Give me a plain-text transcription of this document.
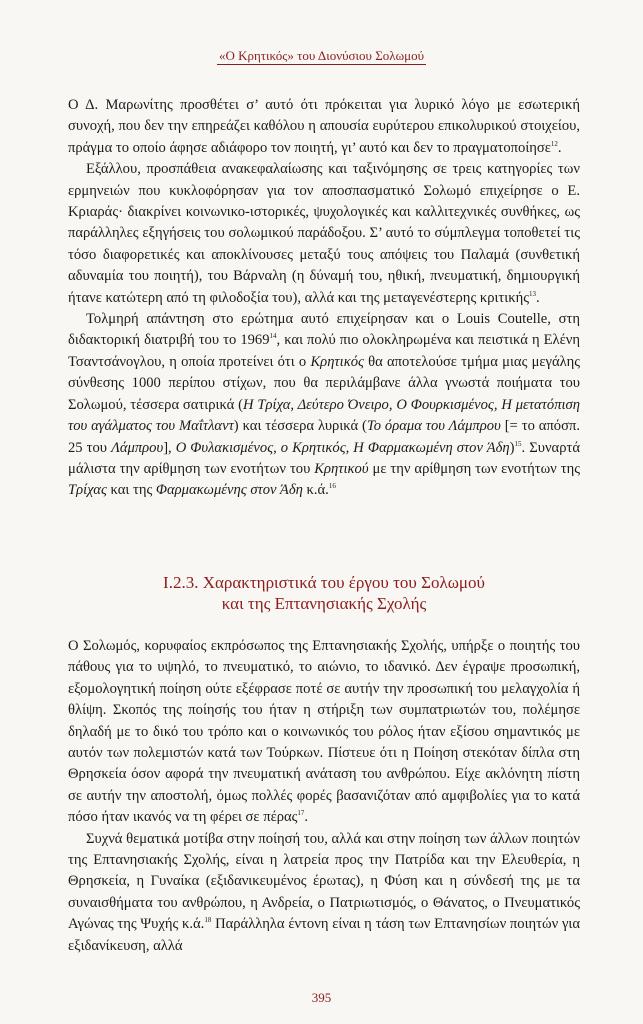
«Ο Κρητικός» του Διονύσιου Σολωμού

Ο Δ. Μαρωνίτης προσθέτει σ’ αυτό ότι πρόκειται για λυρικό λόγο με εσωτερική συνοχή, που δεν την επηρεάζει καθόλου η απουσία ευρύτερου επικολυρικού στοιχείου, πράγμα το οποίο άφησε αδιάφορο τον ποιητή, γι’ αυτό και δεν το πραγματοποίησε$^{12}$.

Εξάλλου, προσπάθεια ανακεφαλαίωσης και ταξινόμησης σε τρεις κατηγορίες των ερμηνειών που κυκλοφόρησαν για τον αποσπασματικό Σολωμό επιχείρησε ο Ε. Κριαράς· διακρίνει κοινωνικο-ιστορικές, ψυχολογικές και καλλιτεχνικές συνθήκες, ως παράλληλες εξηγήσεις του σολωμικού παράδοξου. Σ’ αυτό το σύμπλεγμα τοποθετεί τις τόσο διαφορετικές και αποκλίνουσες μεταξύ τους απόψεις του Παλαμά (συνθετική αδυναμία του ποιητή), του Βάρναλη (η δύναμή του, ηθική, πνευματική, δημιουργική ήτανε κατώτερη από τη φιλοδοξία του), αλλά και της μεταγενέστερης κριτικής$^{13}$.

Τολμηρή απάντηση στο ερώτημα αυτό επιχείρησαν και ο Louis Coutelle, στη διδακτορική διατριβή του το 1969$^{14}$, και πολύ πιο ολοκληρωμένα και πειστικά η Ελένη Τσαντσάνογλου, η οποία προτείνει ότι ο Κρητικός θα αποτελούσε τμήμα μιας μεγάλης σύνθεσης 1000 περίπου στίχων, που θα περιλάμβανε άλλα γνωστά ποιήματα του Σολωμού, τέσσερα σατιρικά (Η Τρίχα, Δεύτερο Όνειρο, Ο Φουρκισμένος, Η μετατόπιση του αγάλματος του Μαΐτλαντ) και τέσσερα λυρικά (Το όραμα του Λάμπρου [= το απόσπ. 25 του Λάμπρου], Ο Φυλακισμένος, ο Κρητικός, Η Φαρμακωμένη στον Άδη)$^{15}$. Συναρτά μάλιστα την αρίθμηση των ενοτήτων του Κρητικού με την αρίθμηση των ενοτήτων της Τρίχας και της Φαρμακωμένης στον Άδη κ.ά.$^{16}$

Ι.2.3. Χαρακτηριστικά του έργου του Σολωμού
και της Επτανησιακής Σχολής

Ο Σολωμός, κορυφαίος εκπρόσωπος της Επτανησιακής Σχολής, υπήρξε ο ποιητής του πάθους για το υψηλό, το πνευματικό, το αιώνιο, το ιδανικό. Δεν έγραψε προσωπική, εξομολογητική ποίηση ούτε εξέφρασε ποτέ σε αυτήν την προσωπική του μελαγχολία ή θλίψη. Σκοπός της ποίησής του ήταν η στήριξη των συμπατριωτών του, πολέμησε δηλαδή με το δικό του τρόπο και ο κοινωνικός του ρόλος ήταν εξίσου σημαντικός με αυτόν των πολεμιστών κατά των Τούρκων. Πίστευε ότι η Ποίηση στεκόταν δίπλα στη Θρησκεία όσον αφορά την πνευματική ανάταση του ανθρώπου. Είχε ακλόνητη πίστη σε αυτήν την αποστολή, όμως πολλές φορές βασανιζόταν από αμφιβολίες για το κατά πόσο ήταν ικανός να τη φέρει σε πέρας$^{17}$.

Συχνά θεματικά μοτίβα στην ποίησή του, αλλά και στην ποίηση των άλλων ποιητών της Επτανησιακής Σχολής, είναι η λατρεία προς την Πατρίδα και την Ελευθερία, η Θρησκεία, η Γυναίκα (εξιδανικευμένος έρωτας), η Φύση και η σύνδεσή της με τα συναισθήματα του ανθρώπου, η Ανδρεία, ο Πατριωτισμός, ο Θάνατος, ο Πνευματικός Αγώνας της Ψυχής κ.ά.$^{18}$ Παράλληλα έντονη είναι η τάση των Επτανησίων ποιητών για εξιδανίκευση, αλλά

395
